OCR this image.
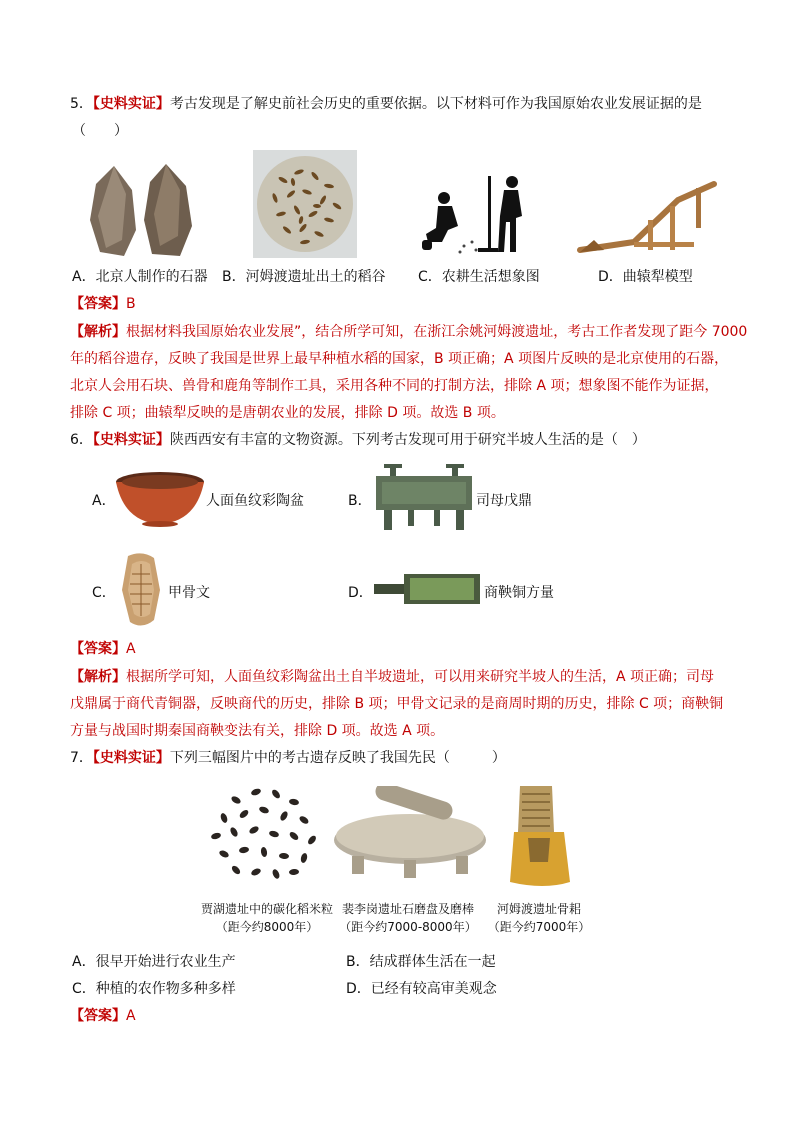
5．【史料实证】考古发现是了解史前社会历史的重要依据。以下材料可作为我国原始农业发展证据的是
（　　）
A．北京人制作的石器 B．河姆渡遗址出土的稻谷 C．农耕生活想象图	D．曲辕犁模型
【答案】B
【解析】根据材料我国原始农业发展”，结合所学可知，在浙江余姚河姆渡遗址，考古工作者发现了距今 7000
年的稻谷遗存，反映了我国是世界上最早种植水稻的国家，B 项正确；A 项图片反映的是北京使用的石器，
北京人会用石块、兽骨和鹿角等制作工具，采用各种不同的打制方法，排除 A 项；想象图不能作为证据，
排除 C 项；曲辕犁反映的是唐朝农业的发展，排除 D 项。故选 B 项。
6．【史料实证】陕西西安有丰富的文物资源。下列考古发现可用于研究半坡人生活的是（　）
A．	人面鱼纹彩陶盆	B．	司母戊鼎
C．	甲骨文	D．	商鞅铜方量
【答案】A
【解析】根据所学可知，人面鱼纹彩陶盆出土自半坡遗址，可以用来研究半坡人的生活，A 项正确；司母
戊鼎属于商代青铜器，反映商代的历史，排除 B 项；甲骨文记录的是商周时期的历史，排除 C 项；商鞅铜
方量与战国时期秦国商鞅变法有关，排除 D 项。故选 A 项。
7．【史料实证】下列三幅图片中的考古遗存反映了我国先民（　　　）
贾湖遗址中的碳化稻米粒
（距今约8000年）
裴李岗遗址石磨盘及磨棒
（距今约7000-8000年）
河姆渡遗址骨耜
（距今约7000年）
A．很早开始进行农业生产	B．结成群体生活在一起
C．种植的农作物多种多样	D．已经有较高审美观念
【答案】A
